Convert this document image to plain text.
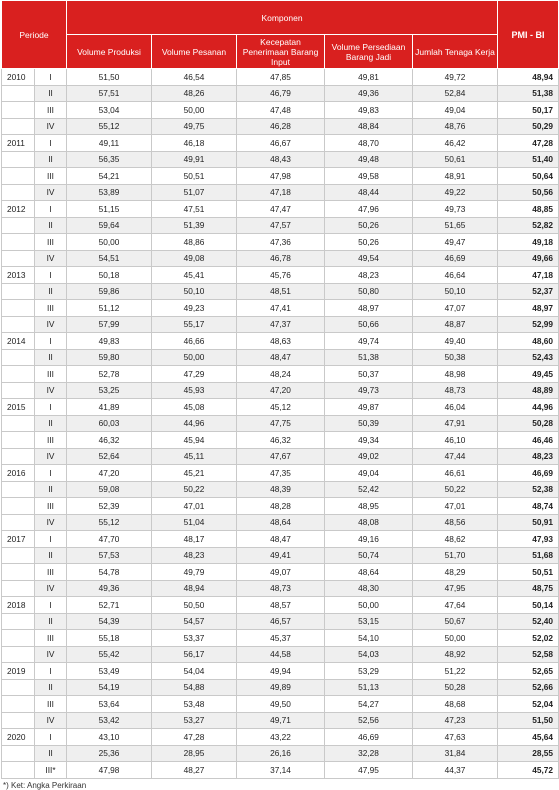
Periode		Komponen					PMI - BI
		Volume Produksi	Volume Pesanan	Kecepatan Penerimaan Barang Input	Volume Persediaan Barang Jadi	Jumlah Tenaga Kerja	
2010	I	51,50	46,54	47,85	49,81	49,72	48,94
	II	57,51	48,26	46,79	49,36	52,84	51,38
	III	53,04	50,00	47,48	49,83	49,04	50,17
	IV	55,12	49,75	46,28	48,84	48,76	50,29
2011	I	49,11	46,18	46,67	48,70	46,42	47,28
	II	56,35	49,91	48,43	49,48	50,61	51,40
	III	54,21	50,51	47,98	49,58	48,91	50,64
	IV	53,89	51,07	47,18	48,44	49,22	50,56
2012	I	51,15	47,51	47,47	47,96	49,73	48,85
	II	59,64	51,39	47,57	50,26	51,65	52,82
	III	50,00	48,86	47,36	50,26	49,47	49,18
	IV	54,51	49,08	46,78	49,54	46,69	49,66
2013	I	50,18	45,41	45,76	48,23	46,64	47,18
	II	59,86	50,10	48,51	50,80	50,10	52,37
	III	51,12	49,23	47,41	48,97	47,07	48,97
	IV	57,99	55,17	47,37	50,66	48,87	52,99
2014	I	49,83	46,66	48,63	49,74	49,40	48,60
	II	59,80	50,00	48,47	51,38	50,38	52,43
	III	52,78	47,29	48,24	50,37	48,98	49,45
	IV	53,25	45,93	47,20	49,73	48,73	48,89
2015	I	41,89	45,08	45,12	49,87	46,04	44,96
	II	60,03	44,96	47,75	50,39	47,91	50,28
	III	46,32	45,94	46,32	49,34	46,10	46,46
	IV	52,64	45,11	47,67	49,02	47,44	48,23
2016	I	47,20	45,21	47,35	49,04	46,61	46,69
	II	59,08	50,22	48,39	52,42	50,22	52,38
	III	52,39	47,01	48,28	48,95	47,01	48,74
	IV	55,12	51,04	48,64	48,08	48,56	50,91
2017	I	47,70	48,17	48,47	49,16	48,62	47,93
	II	57,53	48,23	49,41	50,74	51,70	51,68
	III	54,78	49,79	49,07	48,64	48,29	50,51
	IV	49,36	48,94	48,73	48,30	47,95	48,75
2018	I	52,71	50,50	48,57	50,00	47,64	50,14
	II	54,39	54,57	46,57	53,15	50,67	52,40
	III	55,18	53,37	45,37	54,10	50,00	52,02
	IV	55,42	56,17	44,58	54,03	48,92	52,58
2019	I	53,49	54,04	49,94	53,29	51,22	52,65
	II	54,19	54,88	49,89	51,13	50,28	52,66
	III	53,64	53,48	49,50	54,27	48,68	52,04
	IV	53,42	53,27	49,71	52,56	47,23	51,50
2020	I	43,10	47,28	43,22	46,69	47,63	45,64
	II	25,36	28,95	26,16	32,28	31,84	28,55
	III*	47,98	48,27	37,14	47,95	44,37	45,72
*) Ket: Angka Perkiraan
